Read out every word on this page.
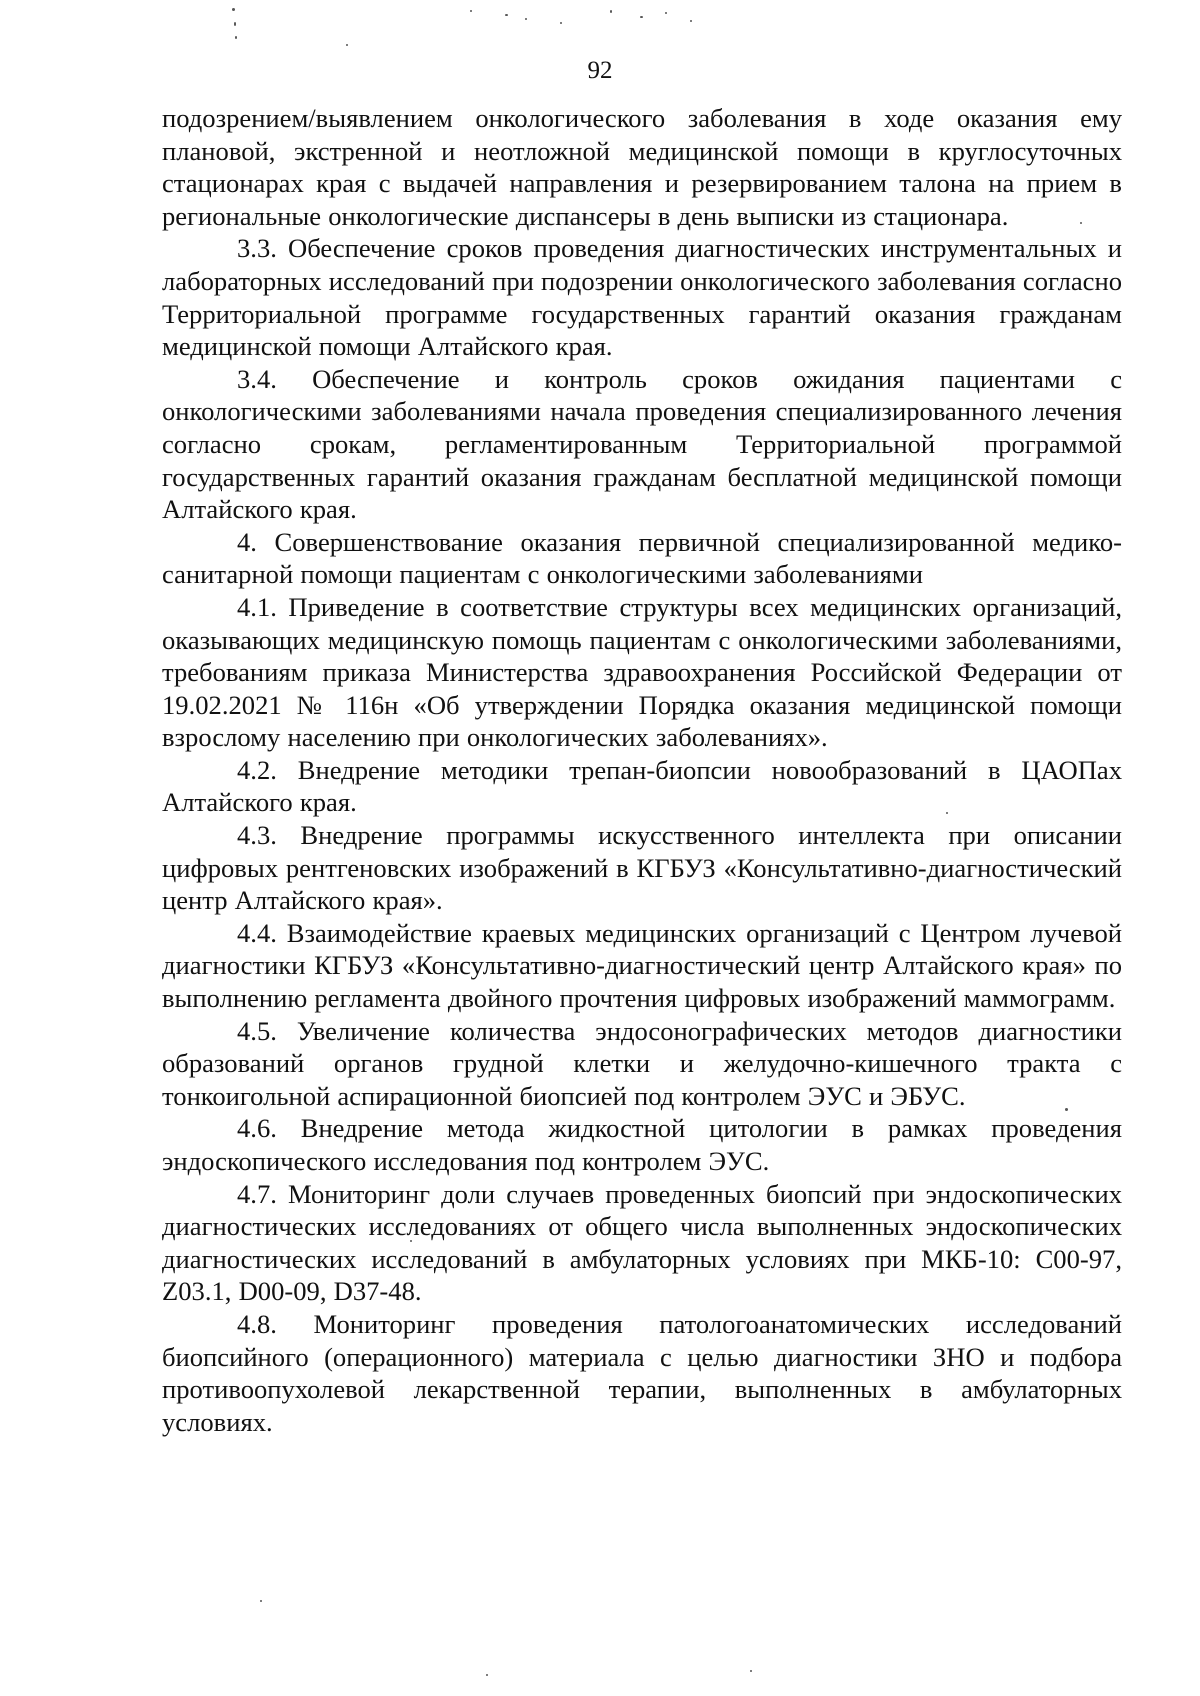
92

подозрением/выявлением онкологического заболевания в ходе оказания ему плановой, экстренной и неотложной медицинской помощи в круглосуточных стационарах края с выдачей направления и резервированием талона на прием в региональные онкологические диспансеры в день выписки из стационара.

3.3. Обеспечение сроков проведения диагностических инструментальных и лабораторных исследований при подозрении онкологического заболевания согласно Территориальной программе государственных гарантий оказания гражданам медицинской помощи Алтайского края.

3.4. Обеспечение и контроль сроков ожидания пациентами с онкологическими заболеваниями начала проведения специализированного лечения согласно срокам, регламентированным Территориальной программой государственных гарантий оказания гражданам бесплатной медицинской помощи Алтайского края.

4. Совершенствование оказания первичной специализированной медико-санитарной помощи пациентам с онкологическими заболеваниями

4.1. Приведение в соответствие структуры всех медицинских организаций, оказывающих медицинскую помощь пациентам с онкологическими заболеваниями, требованиям приказа Министерства здравоохранения Российской Федерации от 19.02.2021 № 116н «Об утверждении Порядка оказания медицинской помощи взрослому населению при онкологических заболеваниях».

4.2. Внедрение методики трепан-биопсии новообразований в ЦАОПах Алтайского края.

4.3. Внедрение программы искусственного интеллекта при описании цифровых рентгеновских изображений в КГБУЗ «Консультативно-диагностический центр Алтайского края».

4.4. Взаимодействие краевых медицинских организаций с Центром лучевой диагностики КГБУЗ «Консультативно-диагностический центр Алтайского края» по выполнению регламента двойного прочтения цифровых изображений маммограмм.

4.5. Увеличение количества эндосонографических методов диагностики образований органов грудной клетки и желудочно-кишечного тракта с тонкоигольной аспирационной биопсией под контролем ЭУС и ЭБУС.

4.6. Внедрение метода жидкостной цитологии в рамках проведения эндоскопического исследования под контролем ЭУС.

4.7. Мониторинг доли случаев проведенных биопсий при эндоскопических диагностических исследованиях от общего числа выполненных эндоскопических диагностических исследований в амбулаторных условиях при МКБ-10: С00-97, Z03.1, D00-09, D37-48.

4.8. Мониторинг проведения патологоанатомических исследований биопсийного (операционного) материала с целью диагностики ЗНО и подбора противоопухолевой лекарственной терапии, выполненных в амбулаторных условиях.
